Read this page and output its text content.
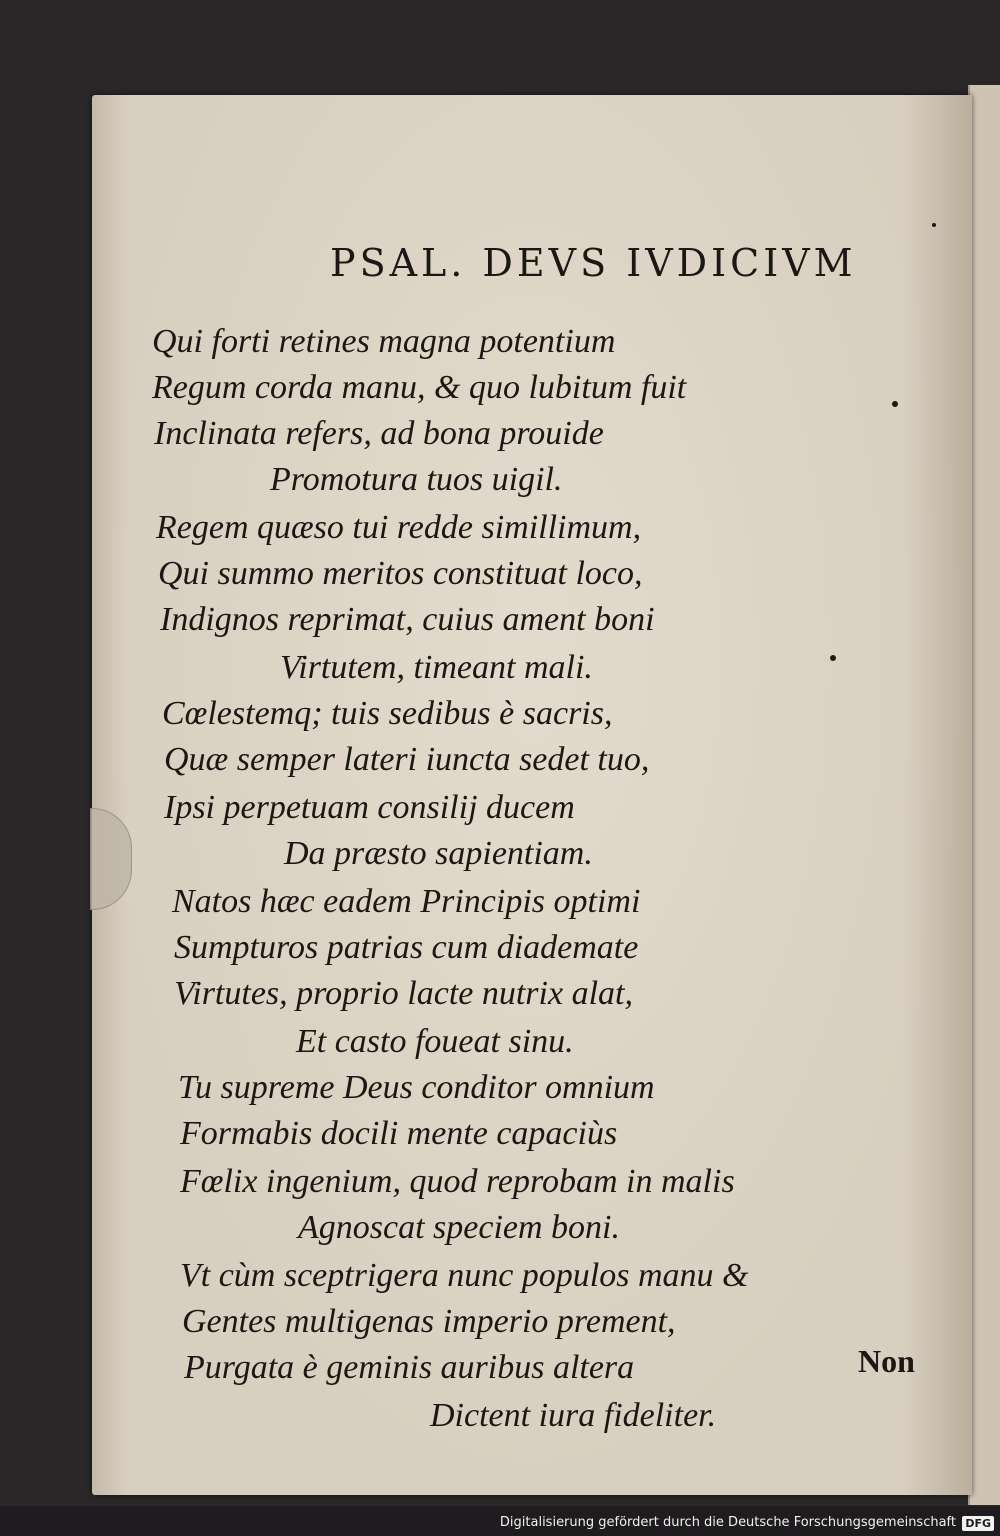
PSAL. DEVS IVDICIVM
Qui forti retines magna potentium
Regum corda manu, & quo lubitum fuit
Inclinata refers, ad bona prouide
Promotura tuos uigil.
Regem quæso tui redde simillimum,
Qui summo meritos constituat loco,
Indignos reprimat, cuius ament boni
Virtutem, timeant mali.
Cœlestemq; tuis sedibus è sacris,
Quæ semper lateri iuncta sedet tuo,
Ipsi perpetuam consilij ducem
Da præsto sapientiam.
Natos hæc eadem Principis optimi
Sumpturos patrias cum diademate
Virtutes, proprio lacte nutrix alat,
Et casto foueat sinu.
Tu supreme Deus conditor omnium
Formabis docili mente capaciùs
Fœlix ingenium, quod reprobam in malis
Agnoscat speciem boni.
Vt cùm sceptrigera nunc populos manu &
Gentes multigenas imperio prement,
Purgata è geminis auribus altera
Dictent iura fideliter.
Non
Digitalisierung gefördert durch die Deutsche Forschungsgemeinschaft DFG
